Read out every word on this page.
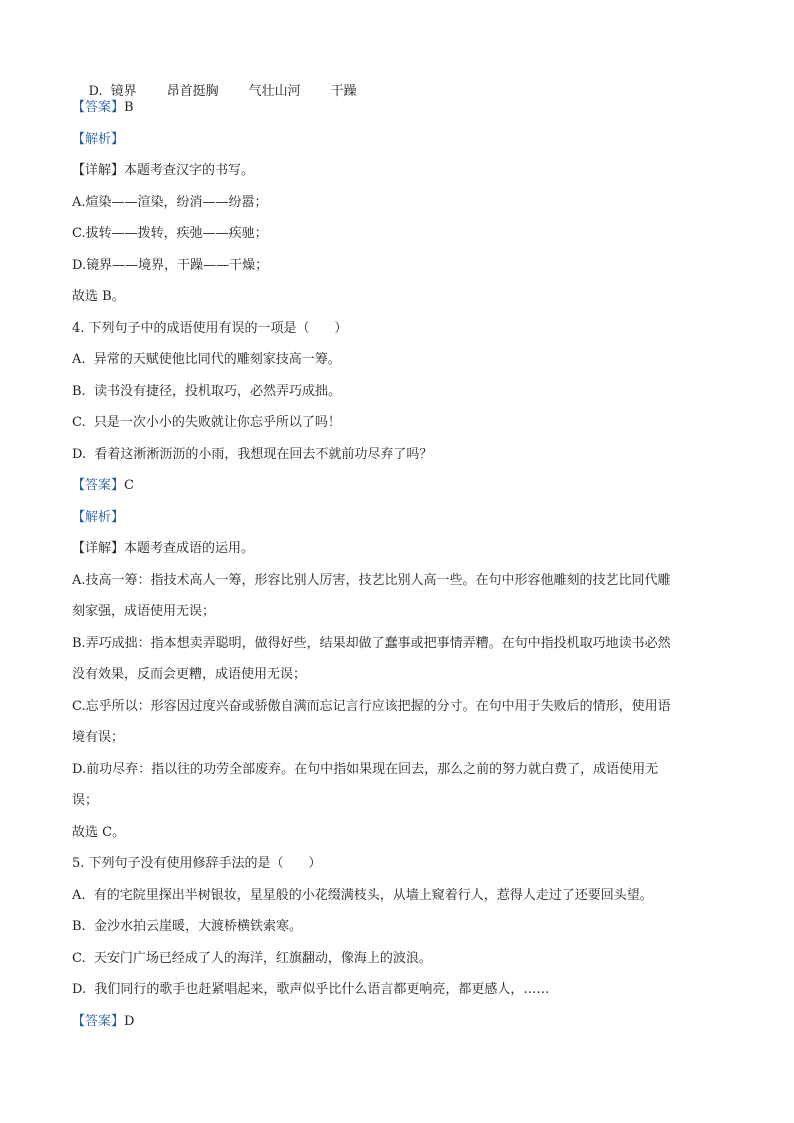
D. 镜界 昂首挺胸 气壮山河 干躁

【答案】B
【解析】
【详解】本题考查汉字的书写。
A.煊染——渲染，纷消——纷嚣；
C.拔转——拨转，疾弛——疾驰；
D.镜界——境界，干躁——干燥；
故选 B。
4. 下列句子中的成语使用有误的一项是（      ）
A.  异常的天赋使他比同代的雕刻家技高一筹。
B.  读书没有捷径，投机取巧，必然弄巧成拙。
C.  只是一次小小的失败就让你忘乎所以了吗！
D.  看着这淅淅沥沥的小雨，我想现在回去不就前功尽弃了吗？
【答案】C
【解析】
【详解】本题考查成语的运用。
A.技高一筹：指技术高人一筹，形容比别人厉害，技艺比别人高一些。在句中形容他雕刻的技艺比同代雕
刻家强，成语使用无误；
B.弄巧成拙：指本想卖弄聪明，做得好些，结果却做了蠢事或把事情弄糟。在句中指投机取巧地读书必然
没有效果，反而会更糟，成语使用无误；
C.忘乎所以：形容因过度兴奋或骄傲自满而忘记言行应该把握的分寸。在句中用于失败后的情形，使用语
境有误；
D.前功尽弃：指以往的功劳全部废弃。在句中指如果现在回去，那么之前的努力就白费了，成语使用无
误；
故选 C。
5. 下列句子没有使用修辞手法的是（      ）
A.  有的宅院里探出半树银妆，星星般的小花缀满枝头，从墙上窥着行人，惹得人走过了还要回头望。
B.  金沙水拍云崖暖，大渡桥横铁索寒。
C.  天安门广场已经成了人的海洋，红旗翻动，像海上的波浪。
D.  我们同行的歌手也赶紧唱起来，歌声似乎比什么语言都更响亮，都更感人，……
【答案】D
